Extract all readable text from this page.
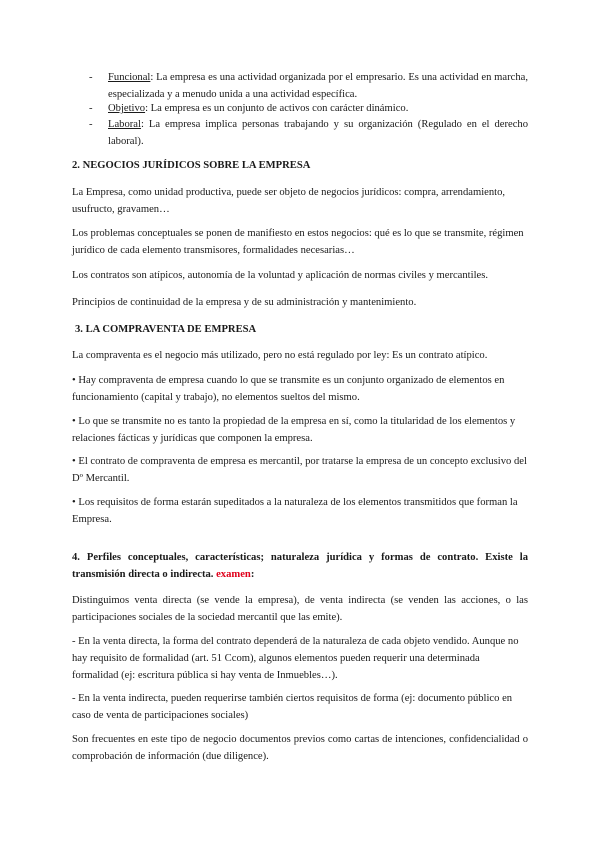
- Funcional: La empresa es una actividad organizada por el empresario. Es una actividad en marcha, especializada y a menudo unida a una actividad específica.
- Objetivo: La empresa es un conjunto de activos con carácter dinámico.
- Laboral: La empresa implica personas trabajando y su organización (Regulado en el derecho laboral).
2. NEGOCIOS JURÍDICOS SOBRE LA EMPRESA
La Empresa, como unidad productiva, puede ser objeto de negocios jurídicos: compra, arrendamiento, usufructo, gravamen…
Los problemas conceptuales se ponen de manifiesto en estos negocios: qué es lo que se transmite, régimen jurídico de cada elemento transmisores, formalidades necesarias…
Los contratos son atípicos, autonomía de la voluntad y aplicación de normas civiles y mercantiles.
Principios de continuidad de la empresa y de su administración y mantenimiento.
3. LA COMPRAVENTA DE EMPRESA
La compraventa es el negocio más utilizado, pero no está regulado por ley: Es un contrato atípico.
• Hay compraventa de empresa cuando lo que se transmite es un conjunto organizado de elementos en funcionamiento (capital y trabajo), no elementos sueltos del mismo.
• Lo que se transmite no es tanto la propiedad de la empresa en sí, como la titularidad de los elementos y relaciones fácticas y jurídicas que componen la empresa.
• El contrato de compraventa de empresa es mercantil, por tratarse la empresa de un concepto exclusivo del Dº Mercantil.
• Los requisitos de forma estarán supeditados a la naturaleza de los elementos transmitidos que forman la Empresa.
4. Perfiles conceptuales, características; naturaleza jurídica y formas de contrato. Existe la transmisión directa o indirecta. examen:
Distinguimos venta directa (se vende la empresa), de venta indirecta (se venden las acciones, o las participaciones sociales de la sociedad mercantil que las emite).
- En la venta directa, la forma del contrato dependerá de la naturaleza de cada objeto vendido. Aunque no hay requisito de formalidad (art. 51 Ccom), algunos elementos pueden requerir una determinada formalidad (ej: escritura pública si hay venta de Inmuebles…).
- En la venta indirecta, pueden requerirse también ciertos requisitos de forma (ej: documento público en caso de venta de participaciones sociales)
Son frecuentes en este tipo de negocio documentos previos como cartas de intenciones, confidencialidad o comprobación de información (due diligence).
